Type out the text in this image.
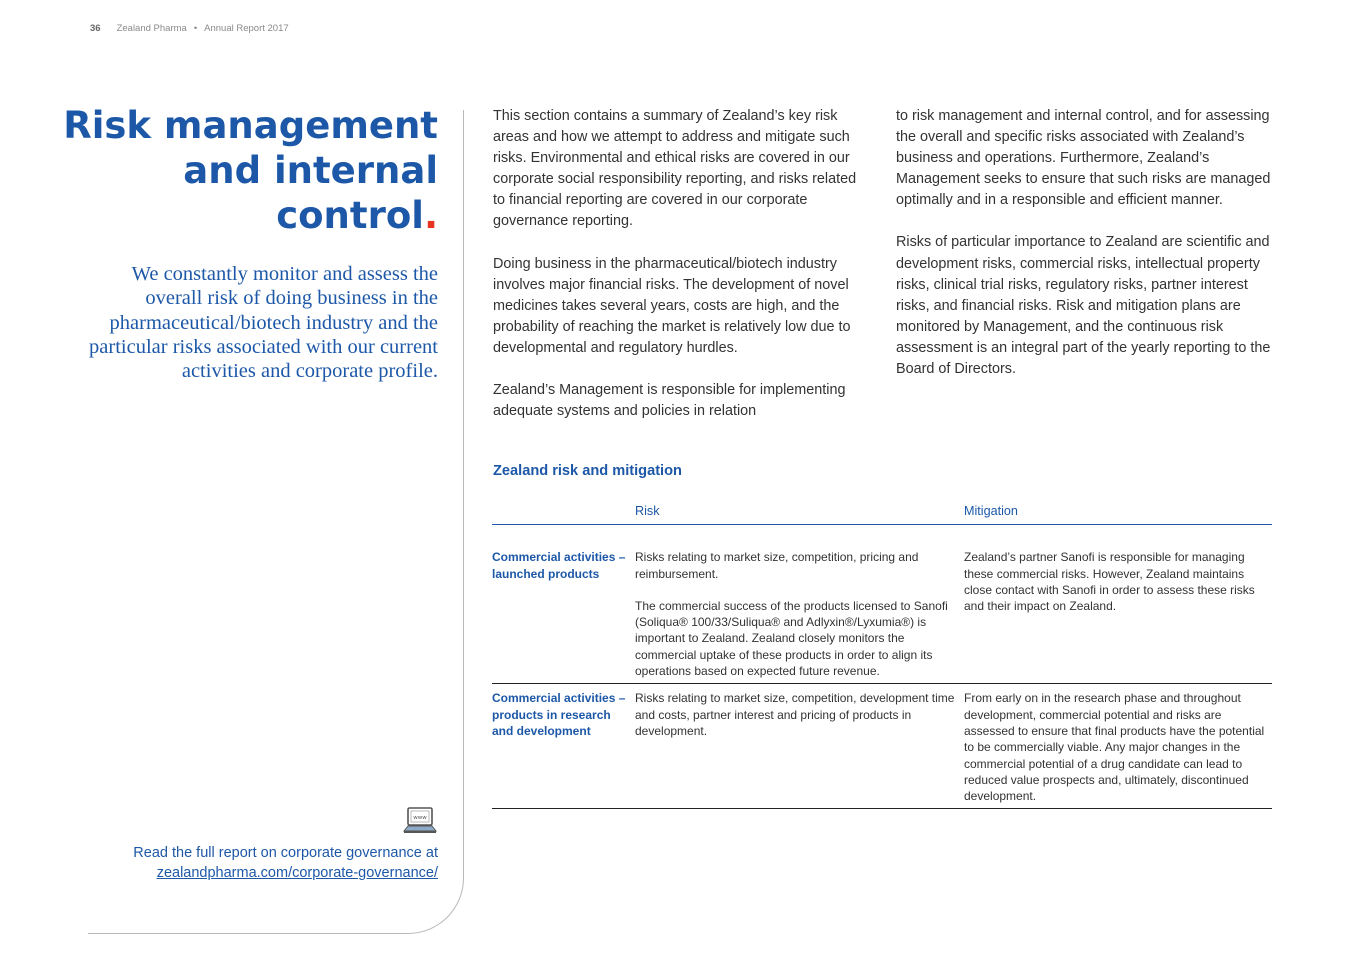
36 Zealand Pharma • Annual Report 2017
Risk management
and internal
control.

We constantly monitor and assess the overall risk of doing business in the pharmaceutical/biotech industry and the particular risks associated with our current activities and corporate profile.

www
Read the full report on corporate governance at
zealandpharma.com/corporate-governance/

This section contains a summary of Zealand’s key risk areas and how we attempt to address and mitigate such risks. Environmental and ethical risks are covered in our corporate social responsibility reporting, and risks related to financial reporting are covered in our corporate governance reporting.

Doing business in the pharmaceutical/biotech industry involves major financial risks. The development of novel medicines takes several years, costs are high, and the probability of reaching the market is relatively low due to developmental and regulatory hurdles.

Zealand’s Management is responsible for implementing adequate systems and policies in relation

to risk management and internal control, and for assessing the overall and specific risks associated with Zealand’s business and operations. Furthermore, Zealand’s Management seeks to ensure that such risks are managed optimally and in a responsible and efficient manner.

Risks of particular importance to Zealand are scientific and development risks, commercial risks, intellectual property risks, clinical trial risks, regulatory risks, partner interest risks, and financial risks. Risk and mitigation plans are monitored by Management, and the continuous risk assessment is an integral part of the yearly reporting to the Board of Directors.

Zealand risk and mitigation
	Risk	Mitigation
Commercial activities – launched products	Risks relating to market size, competition, pricing and reimbursement.

The commercial success of the products licensed to Sanofi (Soliqua® 100/33/Suliqua® and Adlyxin®/Lyxumia®) is important to Zealand. Zealand closely monitors the commercial uptake of these products in order to align its operations based on expected future revenue.	Zealand’s partner Sanofi is responsible for managing these commercial risks. However, Zealand maintains close contact with Sanofi in order to assess these risks and their impact on Zealand.
Commercial activities – products in research and development	Risks relating to market size, competition, development time and costs, partner interest and pricing of products in development.	From early on in the research phase and throughout development, commercial potential and risks are assessed to ensure that final products have the potential to be commercially viable. Any major changes in the commercial potential of a drug candidate can lead to reduced value prospects and, ultimately, discontinued development.
